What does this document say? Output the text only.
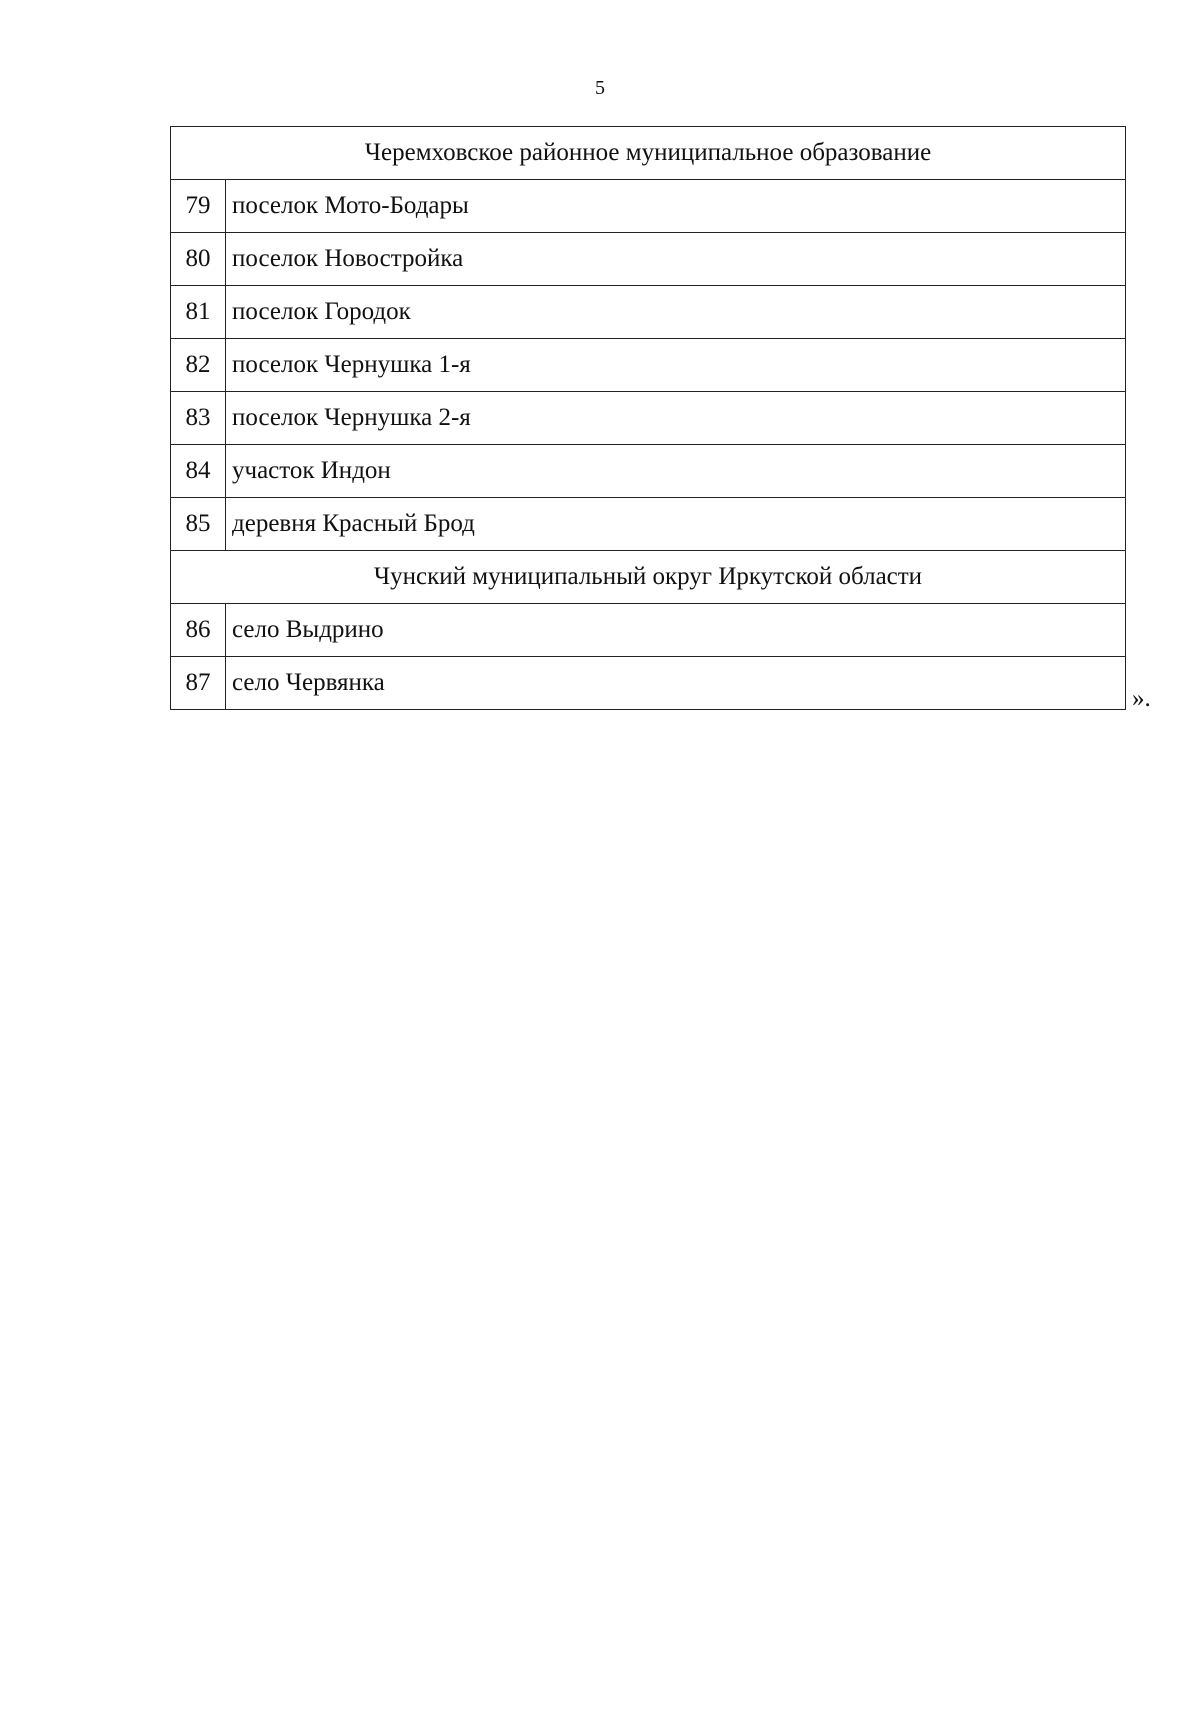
5
Черемховское районное муниципальное образование	
79	поселок Мото-Бодары
80	поселок Новостройка
81	поселок Городок
82	поселок Чернушка 1-я
83	поселок Чернушка 2-я
84	участок Индон
85	деревня Красный Брод
Чунский муниципальный округ Иркутской области	
86	село Выдрино
87	село Червянка
».
